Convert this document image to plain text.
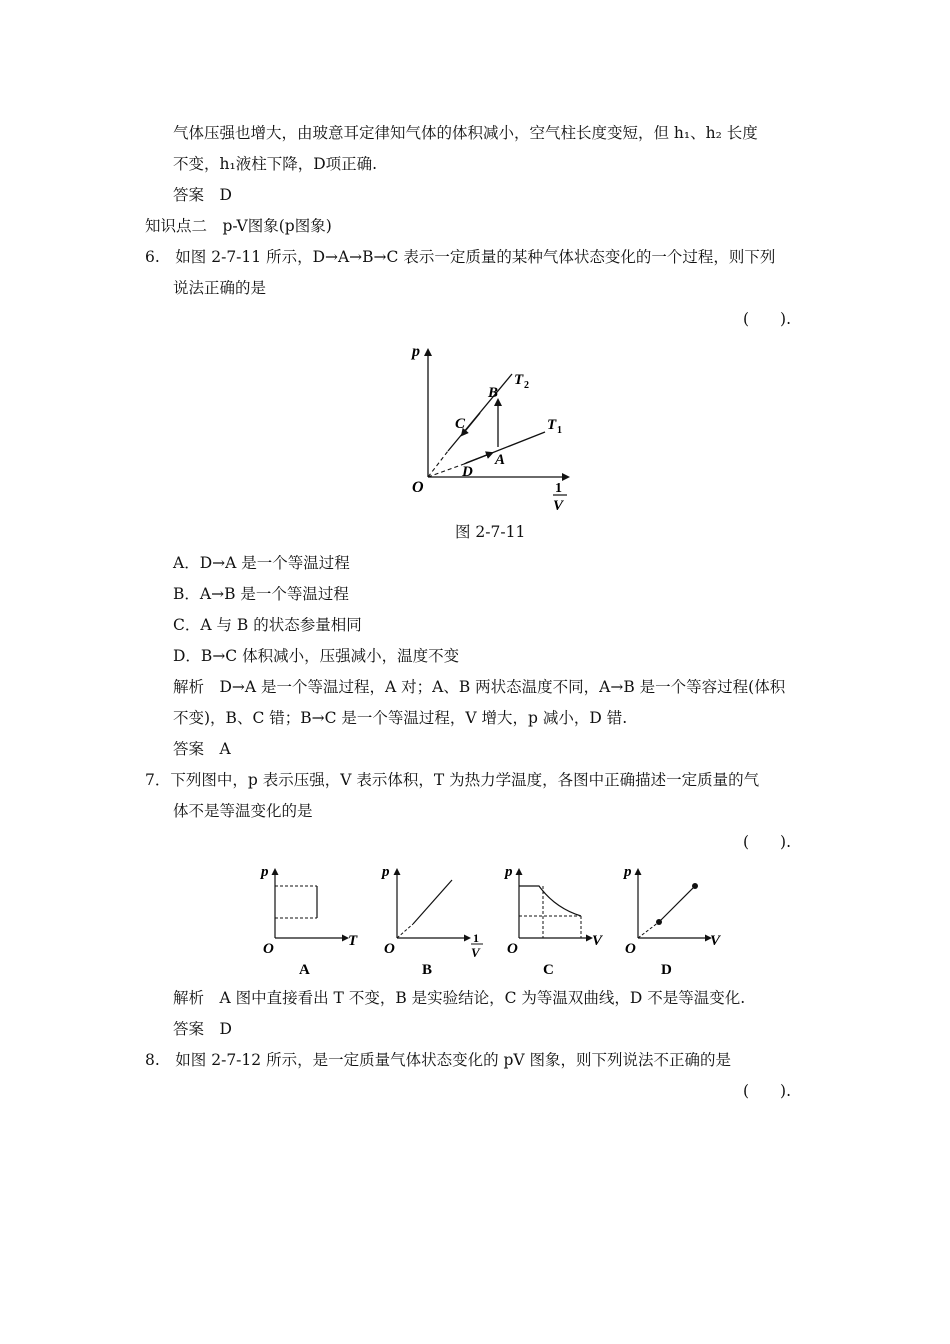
气体压强也增大，由玻意耳定律知气体的体积减小，空气柱长度变短，但 h₁、h₂ 长度
不变，h₁液柱下降，D项正确.
答案　D
知识点二　p-V图象(p图象)
6.　如图 2-7-11 所示，D→A→B→C 表示一定质量的某种气体状态变化的一个过程，则下列
说法正确的是
(　　).
p
O	1
V
B
C
A
D
T 2
T 1
图 2-7-11
A．D→A 是一个等温过程
B．A→B 是一个等温过程
C．A 与 B 的状态参量相同
D．B→C 体积减小，压强减小，温度不变
解析　D→A 是一个等温过程，A 对；A、B 两状态温度不同，A→B 是一个等容过程(体积
不变)，B、C 错；B→C 是一个等温过程，V 增大，p 减小，D 错.
答案　A
7．下列图中，p 表示压强，V 表示体积，T 为热力学温度，各图中正确描述一定质量的气
体不是等温变化的是
(　　).
p
O	T
A
p
O
1
V
B
p
O	V
C
p
O	V
D
解析　A 图中直接看出 T 不变，B 是实验结论，C 为等温双曲线，D 不是等温变化.
答案　D
8.　如图 2-7-12 所示，是一定质量气体状态变化的 pV 图象，则下列说法不正确的是
(　　).
